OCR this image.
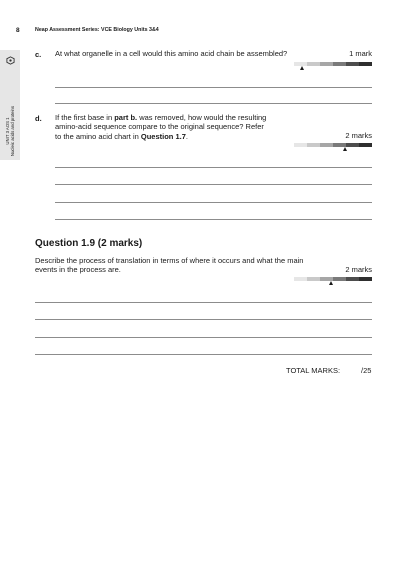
8	Neap Assessment Series: VCE Biology Units 3&4
UNIT 3 AOS 1 Nucleic acids and proteins
c. At what organelle in a cell would this amino acid chain be assembled?	1 mark
d. If the first base in part b. was removed, how would the resulting
amino-acid sequence compare to the original sequence? Refer
to the amino acid chart in Question 1.7.	2 marks
Question 1.9 (2 marks)
Describe the process of translation in terms of where it occurs and what the main
events in the process are.	2 marks
TOTAL MARKS:	/25
